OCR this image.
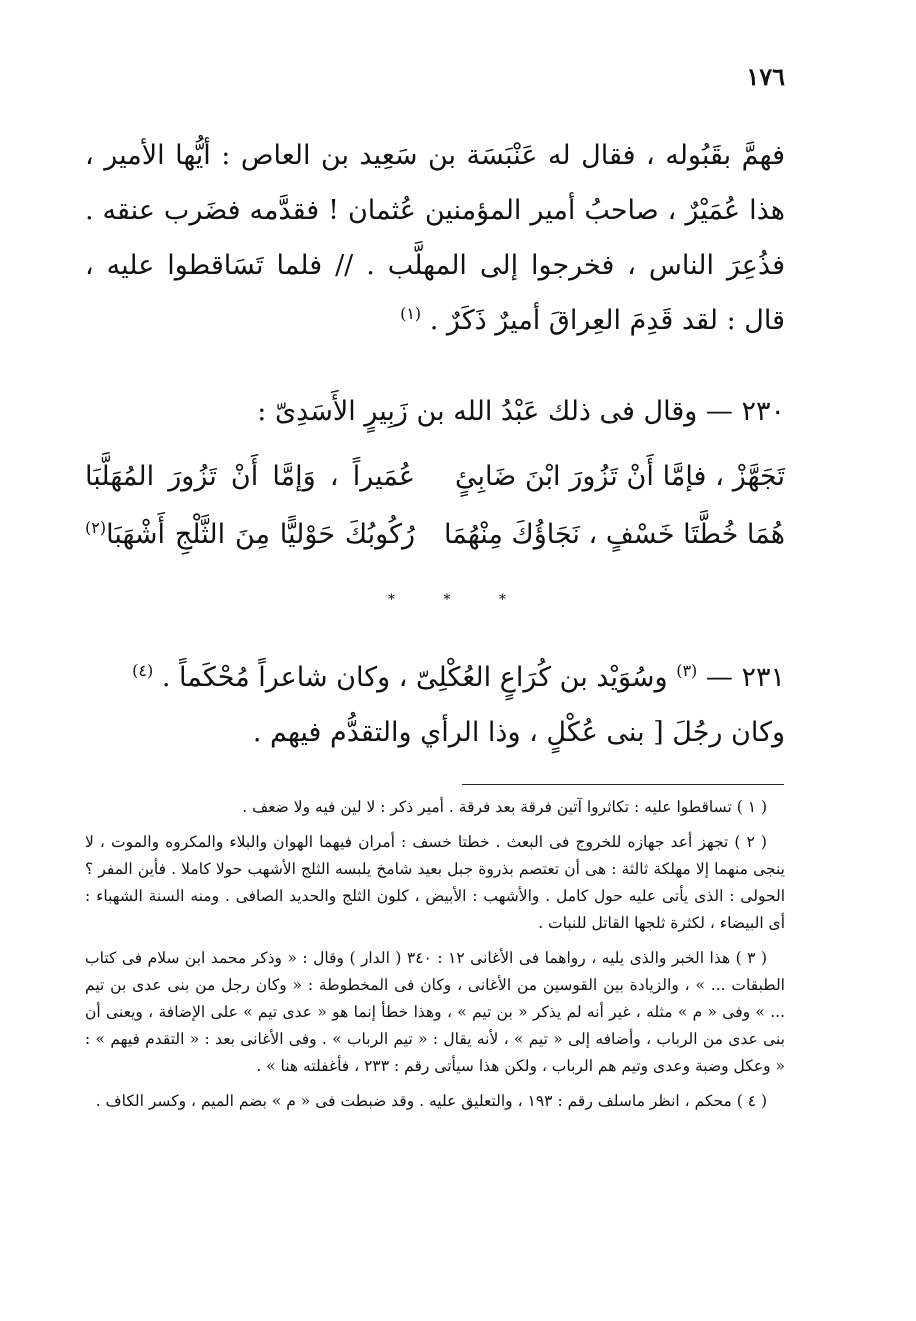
١٧٦

فهمَّ بقَبُوله ، فقال له عَنْبَسَة بن سَعِيد بن العاص : أيُّها الأمير ، هذا عُمَيْرٌ ، صاحبُ أمير المؤمنين عُثمان ! فقدَّمه فضَرب عنقه . فذُعِرَ الناس ، فخرجوا إلى المهلَّب . // فلما تَسَاقطوا عليه ، قال : لقد قَدِمَ العِراقَ أميرٌ ذَكَرٌ . $^{(١)}$

٢٣٠ — وقال فى ذلك عَبْدُ الله بن زَبِيرٍ الأَسَدِىّ :
تَجَهَّزْ ، فإمَّا أَنْ تَزُورَ ابْنَ ضَابِئٍ
عُمَيراً ، وَإمَّا أَنْ تَزُورَ المُهَلَّبَا
هُمَا خُطَّتَا خَسْفٍ ، نَجَاؤُكَ مِنْهُمَا
رُكُوبُكَ حَوْليًّا مِنَ الثَّلْجِ أَشْهَبَا$^{(٢)}$
* * *

٢٣١ — $^{(٣)}$ وسُوَيْد بن كُرَاعٍ العُكْلِىّ ، وكان شاعراً مُحْكَماً . $^{(٤)}$

وكان رجُلَ [ بنى عُكْلٍ ، وذا الرأي والتقدُّم فيهم .

( ١ ) تساقطوا عليه : تكاثروا آتين فرقة بعد فرقة . أمير ذكر : لا لين فيه ولا ضعف .

( ٢ ) تجهز أعد جهازه للخروج فى البعث . خطتا خسف : أمران فيهما الهوان والبلاء والمكروه والموت ، لا ينجى منهما إلا مهلكة ثالثة : هى أن تعتصم بذروة جبل بعيد شامخ يلبسه الثلج الأشهب حولا كاملا . فأين المفر ؟ الحولى : الذى يأتى عليه حول كامل . والأشهب : الأبيض ، كلون الثلج والحديد الصافى . ومنه السنة الشهباء : أى البيضاء ، لكثرة ثلجها القاتل للنبات .

( ٣ ) هذا الخبر والذى يليه ، رواهما فى الأغانى ١٢ : ٣٤٠ ( الدار ) وقال : « وذكر محمد ابن سلام فى كتاب الطبقات ... » ، والزيادة بين القوسين من الأغانى ، وكان فى المخطوطة : « وكان رجل من بنى عدى بن تيم ... » وفى « م » مثله ، غير أنه لم يذكر « بن تيم » ، وهذا خطأ إنما هو « عدى تيم » على الإضافة ، ويعنى أن بنى عدى من الرباب ، وأضافه إلى « تيم » ، لأنه يقال : « تيم الرباب » . وفى الأغانى بعد : « التقدم فيهم » : « وعكل وضبة وعدى وتيم هم الرباب ، ولكن هذا سيأتى رقم : ٢٣٣ ، فأغفلته هنا » .

( ٤ ) محكم ، انظر ماسلف رقم : ١٩٣ ، والتعليق عليه . وقد ضبطت فى « م » بضم الميم ، وكسر الكاف .
